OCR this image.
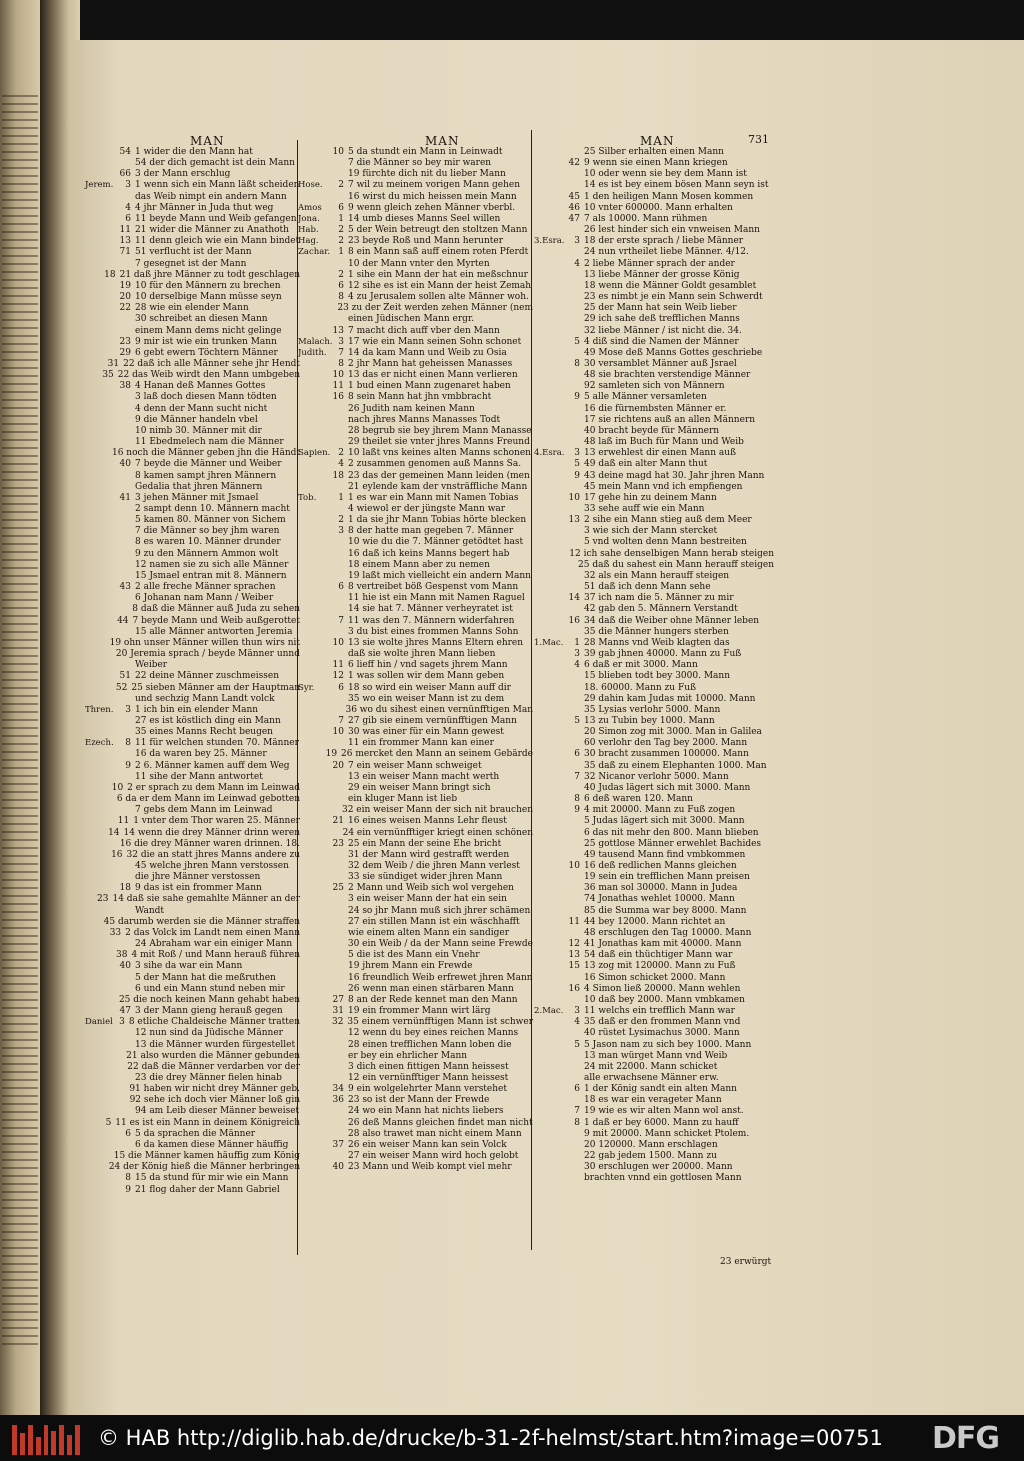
MAN	MAN	MAN	731
54 1 wider die den Mann hat
54 der dich gemacht ist dein Mann
66 3 der Mann erschlug
Jerem.	3 1 wenn sich ein Mann läßt scheiden
das Weib nimpt ein andern Mann
4 4 jhr Männer in Juda thut weg
6 11 beyde Mann und Weib gefangen
11 21 wider die Männer zu Anathoth
13 11 denn gleich wie ein Mann bindet
71 51 verflucht ist der Mann
7 gesegnet ist der Mann
18 21 daß jhre Männer zu todt geschlagen
19 10 für den Männern zu brechen
20 10 derselbige Mann müsse seyn
22 28 wie ein elender Mann
30 schreibet an diesen Mann
einem Mann dems nicht gelinge
23 9 mir ist wie ein trunken Mann
29 6 gebt ewern Töchtern Männer
31 22 daß ich alle Männer sehe jhr Hendt
35 22 das Weib wirdt den Mann umbgeben
38 4 Hanan deß Mannes Gottes
3 laß doch diesen Mann tödten
4 denn der Mann sucht nicht
9 die Männer handeln vbel
10 nimb 30. Männer mit dir
11 Ebedmelech nam die Männer
16 noch die Männer geben jhn die Händt
40 7 beyde die Männer und Weiber
8 kamen sampt jhren Männern
Gedalia that jhren Männern
41 3 jehen Männer mit Jsmael
2 sampt denn 10. Männern macht
5 kamen 80. Männer von Sichem
7 die Männer so bey jhm waren
8 es waren 10. Männer drunder
9 zu den Männern Ammon wolt
12 namen sie zu sich alle Männer
15 Jsmael entran mit 8. Männern
43 2 alle freche Männer sprachen
6 Johanan nam Mann / Weiber
8 daß die Männer auß Juda zu sehen
44 7 beyde Mann und Weib außgerottet
15 alle Männer antworten Jeremia
19 ohn unser Männer willen thun wirs nit
20 Jeremia sprach / beyde Männer unnd
Weiber
51 22 deine Männer zuschmeissen
52 25 sieben Männer am der Hauptman
und sechzig Mann Landt volck
Thren.	3 1 ich bin ein elender Mann
27 es ist köstlich ding ein Mann
35 eines Manns Recht beugen
Ezech.	8 11 für welchen stunden 70. Männer
16 da waren bey 25. Männer
9 2 6. Männer kamen auff dem Weg
11 sihe der Mann antwortet
10 2 er sprach zu dem Mann im Leinwad
6 da er dem Mann im Leinwad gebotten
7 gebs dem Mann im Leinwad
11 1 vnter dem Thor waren 25. Männer
14 14 wenn die drey Männer drinn weren
16 die drey Männer waren drinnen. 18.
16 32 die an statt jhres Manns andere zu
45 welche jhren Mann verstossen
die jhre Männer verstossen
18 9 das ist ein frommer Mann
23 14 daß sie sahe gemahlte Männer an der
Wandt
45 darumb werden sie die Männer straffen
33 2 das Volck im Landt nem einen Mann
24 Abraham war ein einiger Mann
38 4 mit Roß / und Mann herauß führen
40 3 sihe da war ein Mann
5 der Mann hat die meßruthen
6 und ein Mann stund neben mir
25 die noch keinen Mann gehabt haben
47 3 der Mann gieng herauß gegen
Daniel 3 8 etliche Chaldeische Männer tratten
12 nun sind da Jüdische Männer
13 die Männer wurden fürgestellet
21 also wurden die Männer gebunden
22 daß die Männer verdarben vor der
23 die drey Männer fielen hinab
91 haben wir nicht drey Männer geb.
92 sehe ich doch vier Männer loß gin
94 am Leib dieser Männer beweiset
5 11 es ist ein Mann in deinem Königreich
6 5 da sprachen die Männer
6 da kamen diese Männer häuffig
15 die Männer kamen häuffig zum König
24 der König hieß die Männer herbringen
8 15 da stund für mir wie ein Mann
9 21 flog daher der Mann Gabriel
10 5 da stundt ein Mann in Leinwadt
7 die Männer so bey mir waren
19 fürchte dich nit du lieber Mann
Hose.	2 7 wil zu meinem vorigen Mann gehen
16 wirst du mich heissen mein Mann
Amos	6 9 wenn gleich zehen Männer vberbl.
Jona.	1 14 umb dieses Manns Seel willen
Hab.	2 5 der Wein betreugt den stoltzen Mann
Hag.	2 23 beyde Roß und Mann herunter
Zachar. 1 8 ein Mann saß auff einem roten Pferdt
10 der Mann vnter den Myrten
2 1 sihe ein Mann der hat ein meßschnur
6 12 sihe es ist ein Mann der heist Zemah
8 4 zu Jerusalem sollen alte Männer woh.
23 zu der Zeit werden zehen Männer (nem
einen Jüdischen Mann ergr.
13 7 macht dich auff vber den Mann
Malach. 3 17 wie ein Mann seinen Sohn schonet
Judith.	7 14 da kam Mann und Weib zu Osia
8 2 jhr Mann hat geheissen Manasses
10 13 das er nicht einen Mann verlieren
11 1 bud einen Mann zugenaret haben
16 8 sein Mann hat jhn vmbbracht
26 Judith nam keinen Mann
nach jhres Manns Manasses Todt
28 begrub sie bey jhrem Mann Manasse
29 theilet sie vnter jhres Manns Freund
Sapien. 2 10 laßt vns keines alten Manns schonen
4 2 zusammen genomen auß Manns Sa.
18 23 das der gemeinen Mann leiden (men
21 eylende kam der vnsträffliche Mann
Tob.	1 1 es war ein Mann mit Namen Tobias
4 wiewol er der jüngste Mann war
2 1 da sie jhr Mann Tobias hörte blecken
3 8 der hatte man gegeben 7. Männer
10 wie du die 7. Männer getödtet hast
16 daß ich keins Manns begert hab
18 einem Mann aber zu nemen
19 laßt mich vielleicht ein andern Mann
6 8 vertreibet böß Gespenst vom Mann
11 hie ist ein Mann mit Namen Raguel
14 sie hat 7. Männer verheyratet ist
7 11 was den 7. Männern widerfahren
3 du bist eines frommen Manns Sohn
10 13 sie wolte jhres Manns Eltern ehren
daß sie wolte jhren Mann lieben
11 6 lieff hin / vnd sagets jhrem Mann
12 1 was sollen wir dem Mann geben
Syr.	6 18 so wird ein weiser Mann auff dir
35 wo ein weiser Mann ist zu dem
36 wo du sihest einen vernünfftigen Man
7 27 gib sie einem vernünfftigen Mann
10 30 was einer für ein Mann gewest
11 ein frommer Mann kan einer
19 26 mercket den Mann an seinem Gebärde
20 7 ein weiser Mann schweiget
13 ein weiser Mann macht werth
29 ein weiser Mann bringt sich
ein kluger Mann ist lieb
32 ein weiser Mann der sich nit brauchen
21 16 eines weisen Manns Lehr fleust
24 ein vernünfftiger kriegt einen schönen
23 25 ein Mann der seine Ehe bricht
31 der Mann wird gestrafft werden
32 dem Weib / die jhren Mann verlest
33 sie sündiget wider jhren Mann
25 2 Mann und Weib sich wol vergehen
3 ein weiser Mann der hat ein sein
24 so jhr Mann muß sich jhrer schämen
27 ein stillen Mann ist ein wäschhafft
wie einem alten Mann ein sandiger
30 ein Weib / da der Mann seine Frewde
5 die ist des Mann ein Vnehr
19 jhrem Mann ein Frewde
16 freundlich Weib erfrewet jhren Mann
26 wenn man einen stärbaren Mann
27 8 an der Rede kennet man den Mann
31 19 ein frommer Mann wirt lärg
32 35 einem vernünfftigen Mann ist schwer
12 wenn du bey eines reichen Manns
28 einen trefflichen Mann loben die
er bey ein ehrlicher Mann
3 dich einen fittigen Mann heissest
12 ein vernünfftiger Mann heissest
34 9 ein wolgelehrter Mann verstehet
36 23 so ist der Mann der Frewde
24 wo ein Mann hat nichts liebers
26 deß Manns gleichen findet man nicht
28 also trawet man nicht einem Mann
37 26 ein weiser Mann kan sein Volck
27 ein weiser Mann wird hoch gelobt
40 23 Mann und Weib kompt viel mehr
25 Silber erhalten einen Mann
42 9 wenn sie einen Mann kriegen
10 oder wenn sie bey dem Mann ist
14 es ist bey einem bösen Mann seyn ist
45 1 den heiligen Mann Mosen kommen
46 10 vnter 600000. Mann erhalten
47 7 als 10000. Mann rühmen
26 lest hinder sich ein vnweisen Mann
3.Esra.	3 18 der erste sprach / liebe Männer
24 nun vrtheilet liebe Männer. 4/12.
4 2 liebe Männer sprach der ander
13 liebe Männer der grosse König
18 wenn die Männer Goldt gesamblet
23 es nimbt je ein Mann sein Schwerdt
25 der Mann hat sein Weib lieber
29 ich sahe deß trefflichen Manns
32 liebe Männer / ist nicht die. 34.
5 4 diß sind die Namen der Männer
49 Mose deß Manns Gottes geschriebe
8 30 versamblet Männer auß Jsrael
48 sie brachten verstendige Männer
92 samleten sich von Männern
9 5 alle Männer versamleten
16 die fürnembsten Männer er.
17 sie richtens auß an allen Männern
40 bracht beyde für Männern
48 laß im Buch für Mann und Weib
4.Esra.	3 13 erwehlest dir einen Mann auß
5 49 daß ein alter Mann thut
9 43 deine magd hat 30. Jahr jhren Mann
45 mein Mann vnd ich empfiengen
10 17 gehe hin zu deinem Mann
33 sehe auff wie ein Mann
13 2 sihe ein Mann stieg auß dem Meer
3 wie sich der Mann stercket
5 vnd wolten denn Mann bestreiten
12 ich sahe denselbigen Mann herab steigen
25 daß du sahest ein Mann herauff steigen
32 als ein Mann herauff steigen
51 daß ich denn Mann sehe
14 37 ich nam die 5. Männer zu mir
42 gab den 5. Männern Verstandt
16 34 daß die Weiber ohne Männer leben
35 die Männer hungers sterben
1.Mac.	1 28 Manns vnd Weib klagten das
3 39 gab jhnen 40000. Mann zu Fuß
4 6 daß er mit 3000. Mann
15 blieben todt bey 3000. Mann
18. 60000. Mann zu Fuß
29 dahin kam Judas mit 10000. Mann
35 Lysias verlohr 5000. Mann
5 13 zu Tubin bey 1000. Mann
20 Simon zog mit 3000. Man in Galilea
60 verlohr den Tag bey 2000. Mann
6 30 bracht zusammen 100000. Mann
35 daß zu einem Elephanten 1000. Man
7 32 Nicanor verlohr 5000. Mann
40 Judas lägert sich mit 3000. Mann
8 6 deß waren 120. Mann
9 4 mit 20000. Mann zu Fuß zogen
5 Judas lägert sich mit 3000. Mann
6 das nit mehr den 800. Mann blieben
25 gottlose Männer erwehlet Bachides
49 tausend Mann find vmbkommen
10 16 deß redlichen Manns gleichen
19 sein ein trefflichen Mann preisen
36 man sol 30000. Mann in Judea
74 Jonathas wehlet 10000. Mann
85 die Summa war bey 8000. Mann
11 44 bey 12000. Mann richtet an
48 erschlugen den Tag 10000. Mann
12 41 Jonathas kam mit 40000. Mann
13 54 daß ein thüchtiger Mann war
15 13 zog mit 120000. Mann zu Fuß
16 Simon schicket 2000. Mann
16 4 Simon ließ 20000. Mann wehlen
10 daß bey 2000. Mann vmbkamen
2.Mac.	3 11 welchs ein trefflich Mann war
4 35 daß er den frommen Mann vnd
40 rüstet Lysimachus 3000. Mann
5 5 Jason nam zu sich bey 1000. Mann
13 man würget Mann vnd Weib
24 mit 22000. Mann schicket
alle erwachsene Männer erw.
6 1 der König sandt ein alten Mann
18 es war ein verageter Mann
7 19 wie es wir alten Mann wol anst.
8 1 daß er bey 6000. Mann zu hauff
9 mit 20000. Mann schicket Ptolem.
20 120000. Mann erschlagen
22 gab jedem 1500. Mann zu
30 erschlugen wer 20000. Mann
brachten vnnd ein gottlosen Mann
23 erwürgt
© HAB http://diglib.hab.de/drucke/b-31-2f-helmst/start.htm?image=00751 DFG
